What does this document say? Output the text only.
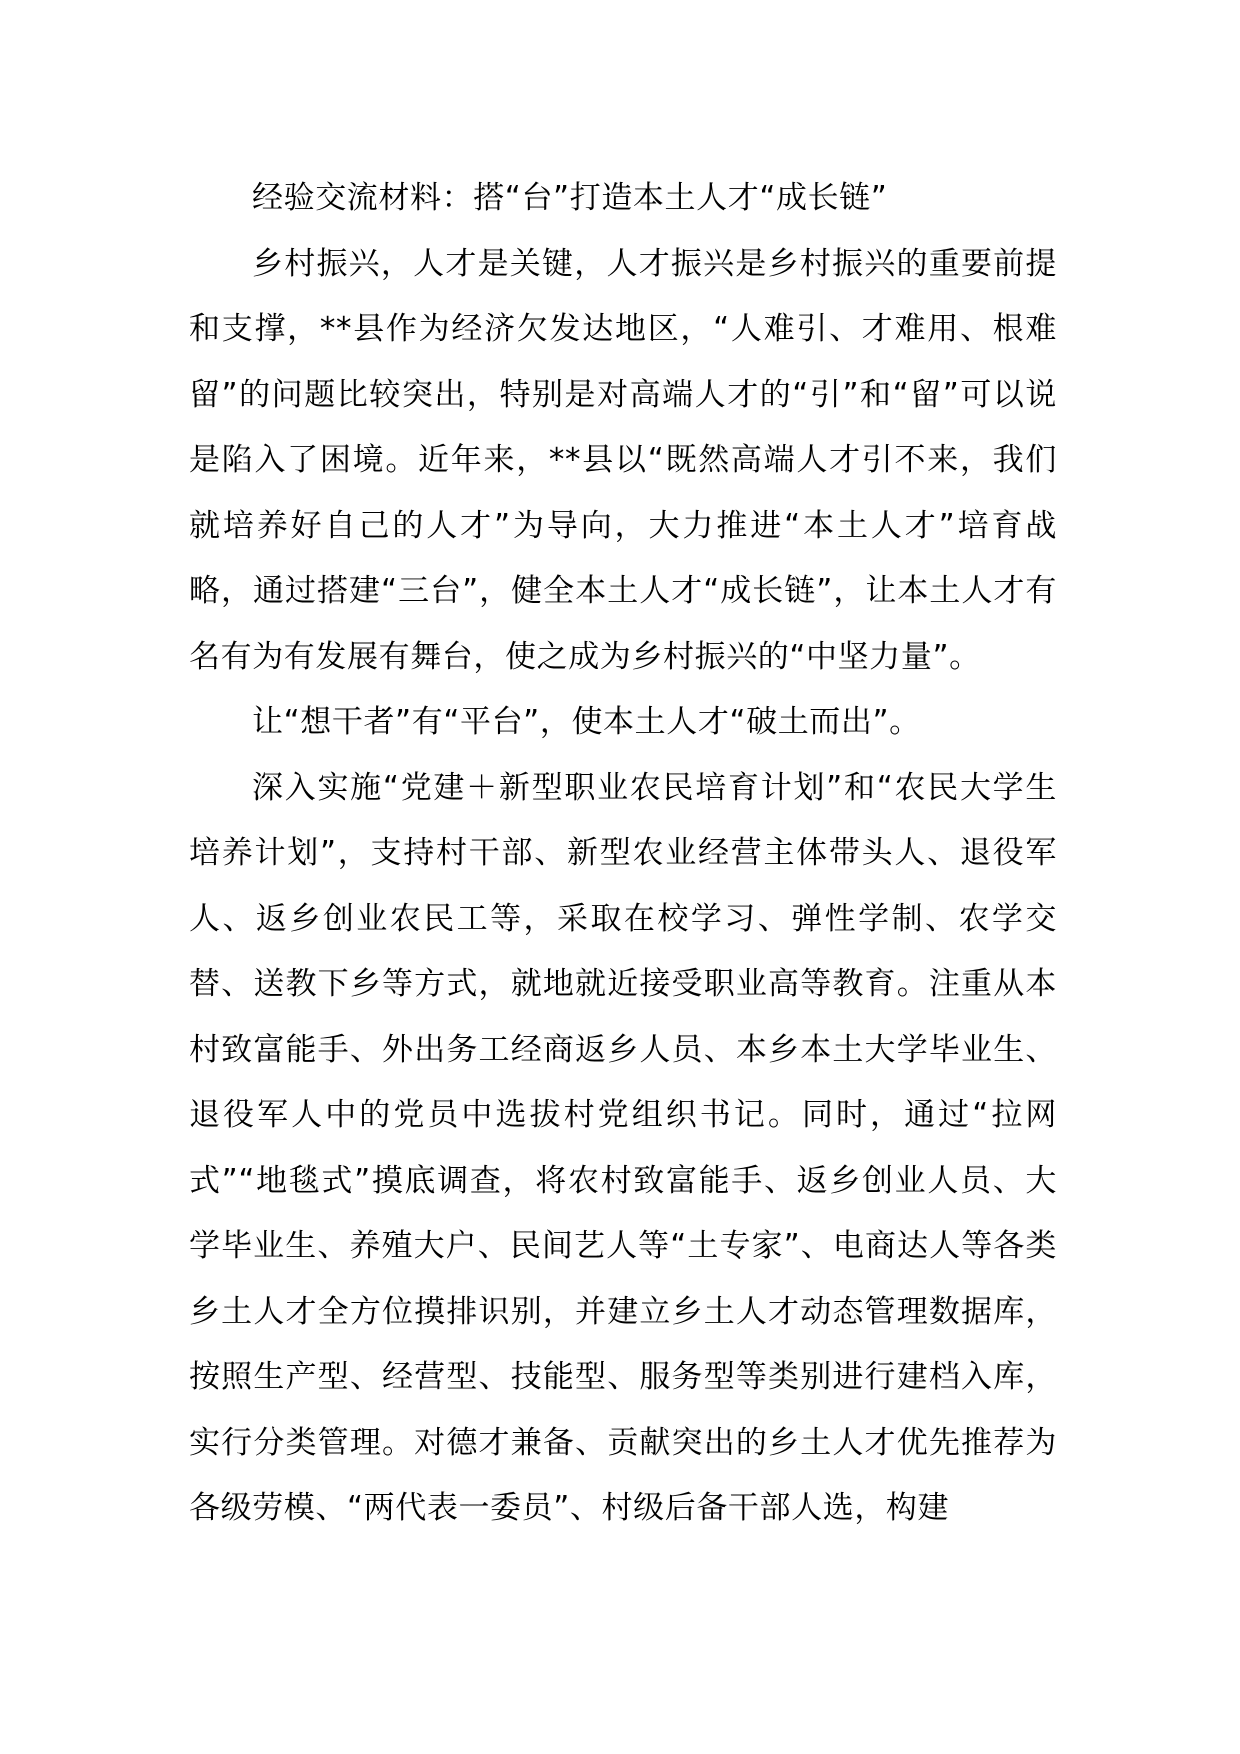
经验交流材料：搭“台”打造本土人才“成长链”

乡村振兴，人才是关键，人才振兴是乡村振兴的重要前提和支撑，**县作为经济欠发达地区，“人难引、才难用、根难留”的问题比较突出，特别是对高端人才的“引”和“留”可以说是陷入了困境。近年来，**县以“既然高端人才引不来，我们就培养好自己的人才”为导向，大力推进“本土人才”培育战略，通过搭建“三台”，健全本土人才“成长链”，让本土人才有名有为有发展有舞台，使之成为乡村振兴的“中坚力量”。

让“想干者”有“平台”，使本土人才“破土而出”。

深入实施“党建＋新型职业农民培育计划”和“农民大学生培养计划”，支持村干部、新型农业经营主体带头人、退役军人、返乡创业农民工等，采取在校学习、弹性学制、农学交替、送教下乡等方式，就地就近接受职业高等教育。注重从本村致富能手、外出务工经商返乡人员、本乡本土大学毕业生、退役军人中的党员中选拔村党组织书记。同时，通过“拉网式”“地毯式”摸底调查，将农村致富能手、返乡创业人员、大学毕业生、养殖大户、民间艺人等“土专家”、电商达人等各类乡土人才全方位摸排识别，并建立乡土人才动态管理数据库，按照生产型、经营型、技能型、服务型等类别进行建档入库，实行分类管理。对德才兼备、贡献突出的乡土人才优先推荐为各级劳模、“两代表一委员”、村级后备干部人选，构建
